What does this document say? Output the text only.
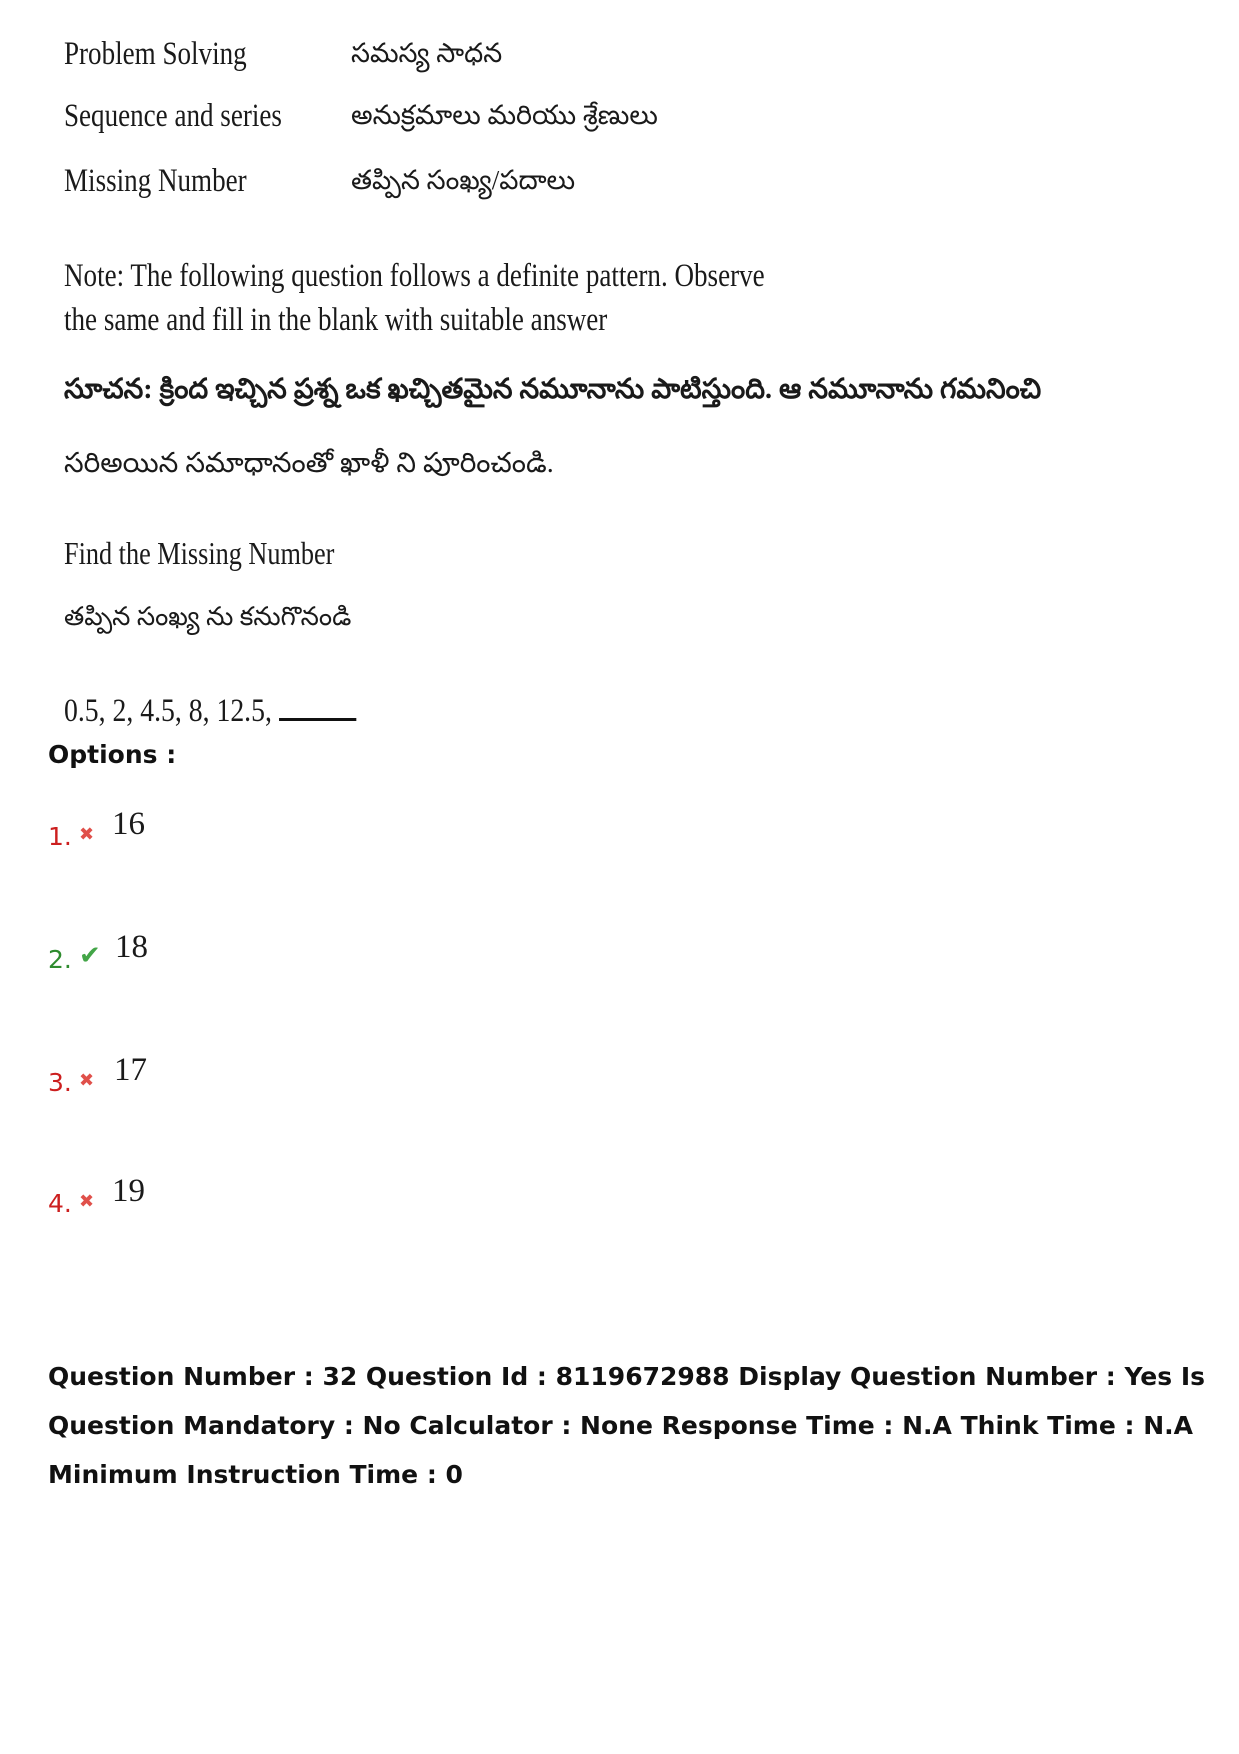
Problem Solving	సమస్య సాధన
Sequence and series	అనుక్రమాలు మరియు శ్రేణులు
Missing Number	తప్పిన సంఖ్య/పదాలు
Note: The following question follows a definite pattern. Observe the same and fill in the blank with suitable answer
సూచన: క్రింద ఇచ్చిన ప్రశ్న ఒక ఖచ్చితమైన నమూనాను పాటిస్తుంది. ఆ నమూనాను గమనించి
సరిఅయిన సమాధానంతో ఖాళీ ని పూరించండి.
Find the Missing Number
తప్పిన సంఖ్య ను కనుగొనండి
0.5, 2, 4.5, 8, 12.5,
Options :
1. ✖ 16
2. ✔ 18
3. ✖ 17
4. ✖ 19
Question Number : 32 Question Id : 8119672988 Display Question Number : Yes Is Question Mandatory : No Calculator : None Response Time : N.A Think Time : N.A Minimum Instruction Time : 0
